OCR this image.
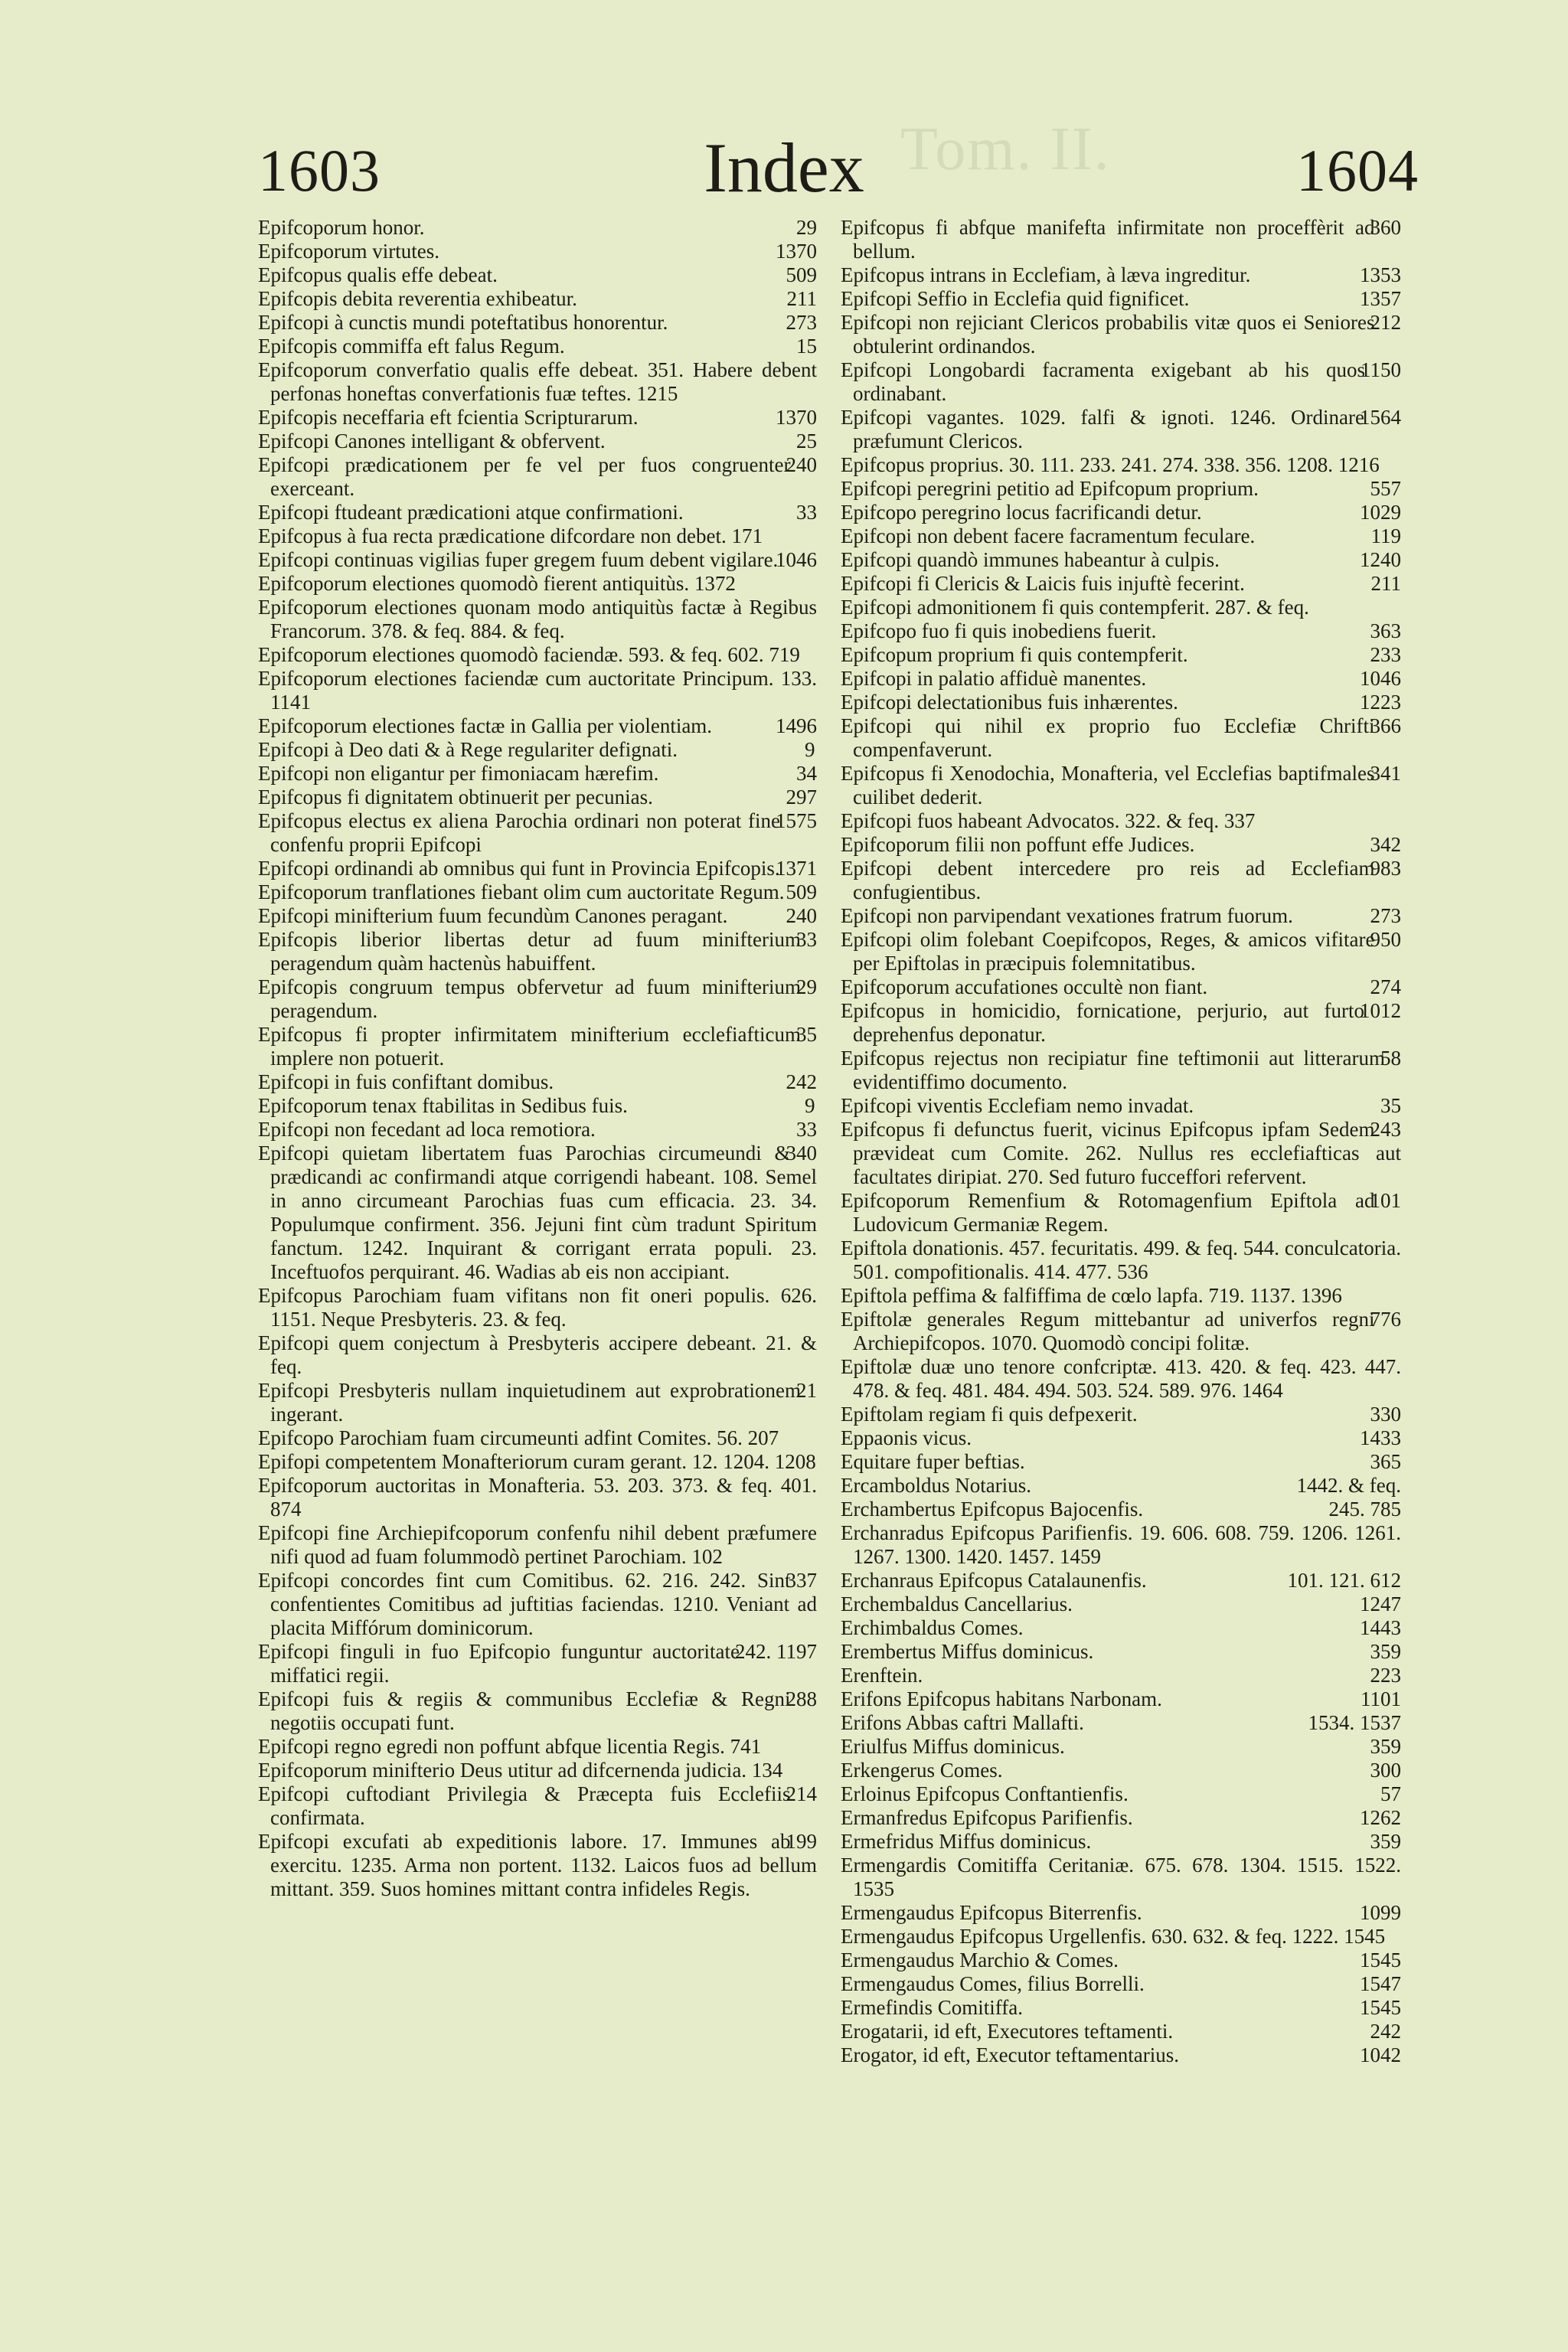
Tom. II.
1603	Index	1604
29
Epifcoporum honor.
1370
Epifcoporum virtutes.
509
Epifcopus qualis effe debeat.
211
Epifcopis debita reverentia exhibeatur.
273
Epifcopi à cunctis mundi poteftatibus honorentur.
15
Epifcopis commiffa eft falus Regum.
Epifcoporum converfatio qualis effe debeat. 351. Habere debent perfonas honeftas converfationis fuæ teftes. 1215
1370
Epifcopis neceffaria eft fcientia Scripturarum.
25
Epifcopi Canones intelligant & obfervent.
240
Epifcopi prædicationem per fe vel per fuos congruenter exerceant.
33
Epifcopi ftudeant prædicationi atque confirmationi.
Epifcopus à fua recta prædicatione difcordare non debet. 171
1046
Epifcopi continuas vigilias fuper gregem fuum debent vigilare.
Epifcoporum electiones quomodò fierent antiquitùs. 1372
Epifcoporum electiones quonam modo antiquitùs factæ à Regibus Francorum. 378. & feq. 884. & feq.
Epifcoporum electiones quomodò faciendæ. 593. & feq. 602. 719
Epifcoporum electiones faciendæ cum auctoritate Principum. 133. 1141
1496
Epifcoporum electiones factæ in Gallia per violentiam.
9
Epifcopi à Deo dati & à Rege regulariter defignati.
34
Epifcopi non eligantur per fimoniacam hærefim.
297
Epifcopus fi dignitatem obtinuerit per pecunias.
1575
Epifcopus electus ex aliena Parochia ordinari non poterat fine confenfu proprii Epifcopi
1371
Epifcopi ordinandi ab omnibus qui funt in Provincia Epifcopis.
509
Epifcoporum tranflationes fiebant olim cum auctoritate Regum.
240
Epifcopi minifterium fuum fecundùm Canones peragant.
33
Epifcopis liberior libertas detur ad fuum minifterium peragendum quàm hactenùs habuiffent.
29
Epifcopis congruum tempus obfervetur ad fuum minifterium peragendum.
35
Epifcopus fi propter infirmitatem minifterium ecclefiafticum implere non potuerit.
242
Epifcopi in fuis confiftant domibus.
9
Epifcoporum tenax ftabilitas in Sedibus fuis.
33
Epifcopi non fecedant ad loca remotiora.
340
Epifcopi quietam libertatem fuas Parochias circumeundi & prædicandi ac confirmandi atque corrigendi habeant. 108. Semel in anno circumeant Parochias fuas cum efficacia. 23. 34. Populumque confirment. 356. Jejuni fint cùm tradunt Spiritum fanctum. 1242. Inquirant & corrigant errata populi. 23. Inceftuofos perquirant. 46. Wadias ab eis non accipiant.
Epifcopus Parochiam fuam vifitans non fit oneri populis. 626. 1151. Neque Presbyteris. 23. & feq.
Epifcopi quem conjectum à Presbyteris accipere debeant. 21. & feq.
21
Epifcopi Presbyteris nullam inquietudinem aut exprobrationem ingerant.
Epifcopo Parochiam fuam circumeunti adfint Comites. 56. 207
Epifopi competentem Monafteriorum curam gerant. 12. 1204. 1208
Epifcoporum auctoritas in Monafteria. 53. 203. 373. & feq. 401. 874
Epifcopi fine Archiepifcoporum confenfu nihil debent præfumere nifi quod ad fuam folummodò pertinet Parochiam. 102
337
Epifcopi concordes fint cum Comitibus. 62. 216. 242. Sint confentientes Comitibus ad juftitias faciendas. 1210. Veniant ad placita Miffórum dominicorum.
242. 1197
Epifcopi finguli in fuo Epifcopio funguntur auctoritate miffatici regii.
288
Epifcopi fuis & regiis & communibus Ecclefiæ & Regni negotiis occupati funt.
Epifcopi regno egredi non poffunt abfque licentia Regis. 741
Epifcoporum minifterio Deus utitur ad difcernenda judicia. 134
214
Epifcopi cuftodiant Privilegia & Præcepta fuis Ecclefiis confirmata.
199
Epifcopi excufati ab expeditionis labore. 17. Immunes ab exercitu. 1235. Arma non portent. 1132. Laicos fuos ad bellum mittant. 359. Suos homines mittant contra infideles Regis.
360
Epifcopus fi abfque manifefta infirmitate non proceffèrit ad bellum.
1353
Epifcopus intrans in Ecclefiam, à læva ingreditur.
1357
Epifcopi Seffio in Ecclefia quid fignificet.
212
Epifcopi non rejiciant Clericos probabilis vitæ quos ei Seniores obtulerint ordinandos.
1150
Epifcopi Longobardi facramenta exigebant ab his quos ordinabant.
1564
Epifcopi vagantes. 1029. falfi & ignoti. 1246. Ordinare præfumunt Clericos.
Epifcopus proprius. 30. 111. 233. 241. 274. 338. 356. 1208. 1216
557
Epifcopi peregrini petitio ad Epifcopum proprium.
1029
Epifcopo peregrino locus facrificandi detur.
119
Epifcopi non debent facere facramentum feculare.
1240
Epifcopi quandò immunes habeantur à culpis.
211
Epifcopi fi Clericis & Laicis fuis injuftè fecerint.
Epifcopi admonitionem fi quis contempferit. 287. & feq.
363
Epifcopo fuo fi quis inobediens fuerit.
233
Epifcopum proprium fi quis contempferit.
1046
Epifcopi in palatio affiduè manentes.
1223
Epifcopi delectationibus fuis inhærentes.
366
Epifcopi qui nihil ex proprio fuo Ecclefiæ Chrifti compenfaverunt.
341
Epifcopus fi Xenodochia, Monafteria, vel Ecclefias baptifmales cuilibet dederit.
Epifcopi fuos habeant Advocatos. 322. & feq. 337
342
Epifcoporum filii non poffunt effe Judices.
983
Epifcopi debent intercedere pro reis ad Ecclefiam confugientibus.
273
Epifcopi non parvipendant vexationes fratrum fuorum.
950
Epifcopi olim folebant Coepifcopos, Reges, & amicos vifitare per Epiftolas in præcipuis folemnitatibus.
274
Epifcoporum accufationes occultè non fiant.
1012
Epifcopus in homicidio, fornicatione, perjurio, aut furto deprehenfus deponatur.
58
Epifcopus rejectus non recipiatur fine teftimonii aut litterarum evidentiffimo documento.
35
Epifcopi viventis Ecclefiam nemo invadat.
243
Epifcopus fi defunctus fuerit, vicinus Epifcopus ipfam Sedem prævideat cum Comite. 262. Nullus res ecclefiafticas aut facultates diripiat. 270. Sed futuro fucceffori refervent.
101
Epifcoporum Remenfium & Rotomagenfium Epiftola ad Ludovicum Germaniæ Regem.
Epiftola donationis. 457. fecuritatis. 499. & feq. 544. conculcatoria. 501. compofitionalis. 414. 477. 536
Epiftola peffima & falfiffima de cœlo lapfa. 719. 1137. 1396
776
Epiftolæ generales Regum mittebantur ad univerfos regni Archiepifcopos. 1070. Quomodò concipi folitæ.
Epiftolæ duæ uno tenore confcriptæ. 413. 420. & feq. 423. 447. 478. & feq. 481. 484. 494. 503. 524. 589. 976. 1464
330
Epiftolam regiam fi quis defpexerit.
1433
Eppaonis vicus.
365
Equitare fuper beftias.
1442. & feq.
Ercamboldus Notarius.
245. 785
Erchambertus Epifcopus Bajocenfis.
Erchanradus Epifcopus Parifienfis. 19. 606. 608. 759. 1206. 1261. 1267. 1300. 1420. 1457. 1459
101. 121. 612
Erchanraus Epifcopus Catalaunenfis.
1247
Erchembaldus Cancellarius.
1443
Erchimbaldus Comes.
359
Erembertus Miffus dominicus.
223
Erenftein.
1101
Erifons Epifcopus habitans Narbonam.
1534. 1537
Erifons Abbas caftri Mallafti.
359
Eriulfus Miffus dominicus.
300
Erkengerus Comes.
57
Erloinus Epifcopus Conftantienfis.
1262
Ermanfredus Epifcopus Parifienfis.
359
Ermefridus Miffus dominicus.
Ermengardis Comitiffa Ceritaniæ. 675. 678. 1304. 1515. 1522. 1535
1099
Ermengaudus Epifcopus Biterrenfis.
Ermengaudus Epifcopus Urgellenfis. 630. 632. & feq. 1222. 1545
1545
Ermengaudus Marchio & Comes.
1547
Ermengaudus Comes, filius Borrelli.
1545
Ermefindis Comitiffa.
242
Erogatarii, id eft, Executores teftamenti.
1042
Erogator, id eft, Executor teftamentarius.
